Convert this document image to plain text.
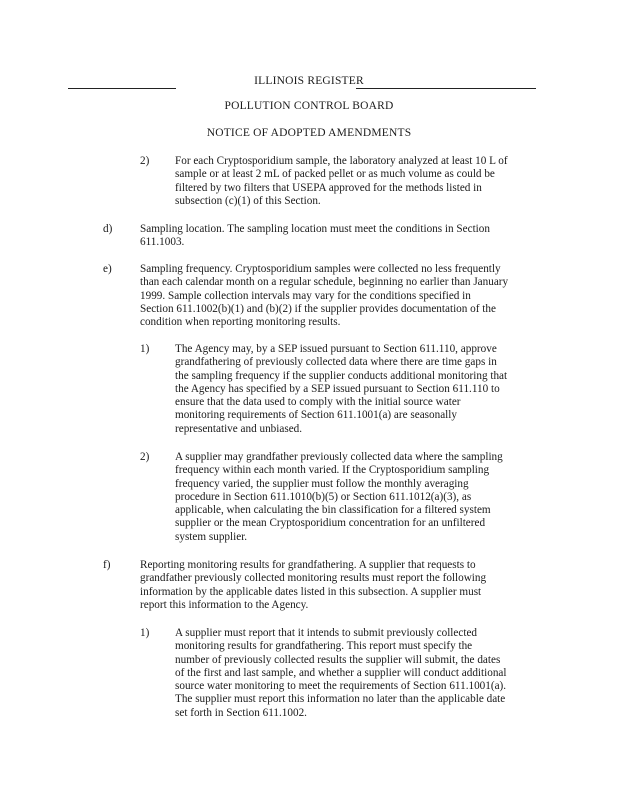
ILLINOIS REGISTER
POLLUTION CONTROL BOARD
NOTICE OF ADOPTED AMENDMENTS
2) For each Cryptosporidium sample, the laboratory analyzed at least 10 L of
sample or at least 2 mL of packed pellet or as much volume as could be
filtered by two filters that USEPA approved for the methods listed in
subsection (c)(1) of this Section.
d) Sampling location. The sampling location must meet the conditions in Section
611.1003.
e)	Sampling frequency. Cryptosporidium samples were collected no less frequently
than each calendar month on a regular schedule, beginning no earlier than January
1999. Sample collection intervals may vary for the conditions specified in
Section 611.1002(b)(1) and (b)(2) if the supplier provides documentation of the
condition when reporting monitoring results.
1) The Agency may, by a SEP issued pursuant to Section 611.110, approve
grandfathering of previously collected data where there are time gaps in
the sampling frequency if the supplier conducts additional monitoring that
the Agency has specified by a SEP issued pursuant to Section 611.110 to
ensure that the data used to comply with the initial source water
monitoring requirements of Section 611.1001(a) are seasonally
representative and unbiased.
2) A supplier may grandfather previously collected data where the sampling
frequency within each month varied. If the Cryptosporidium sampling
frequency varied, the supplier must follow the monthly averaging
procedure in Section 611.1010(b)(5) or Section 611.1012(a)(3), as
applicable, when calculating the bin classification for a filtered system
supplier or the mean Cryptosporidium concentration for an unfiltered
system supplier.
f)	Reporting monitoring results for grandfathering. A supplier that requests to
grandfather previously collected monitoring results must report the following
information by the applicable dates listed in this subsection. A supplier must
report this information to the Agency.
1) A supplier must report that it intends to submit previously collected
monitoring results for grandfathering. This report must specify the
number of previously collected results the supplier will submit, the dates
of the first and last sample, and whether a supplier will conduct additional
source water monitoring to meet the requirements of Section 611.1001(a).
The supplier must report this information no later than the applicable date
set forth in Section 611.1002.
